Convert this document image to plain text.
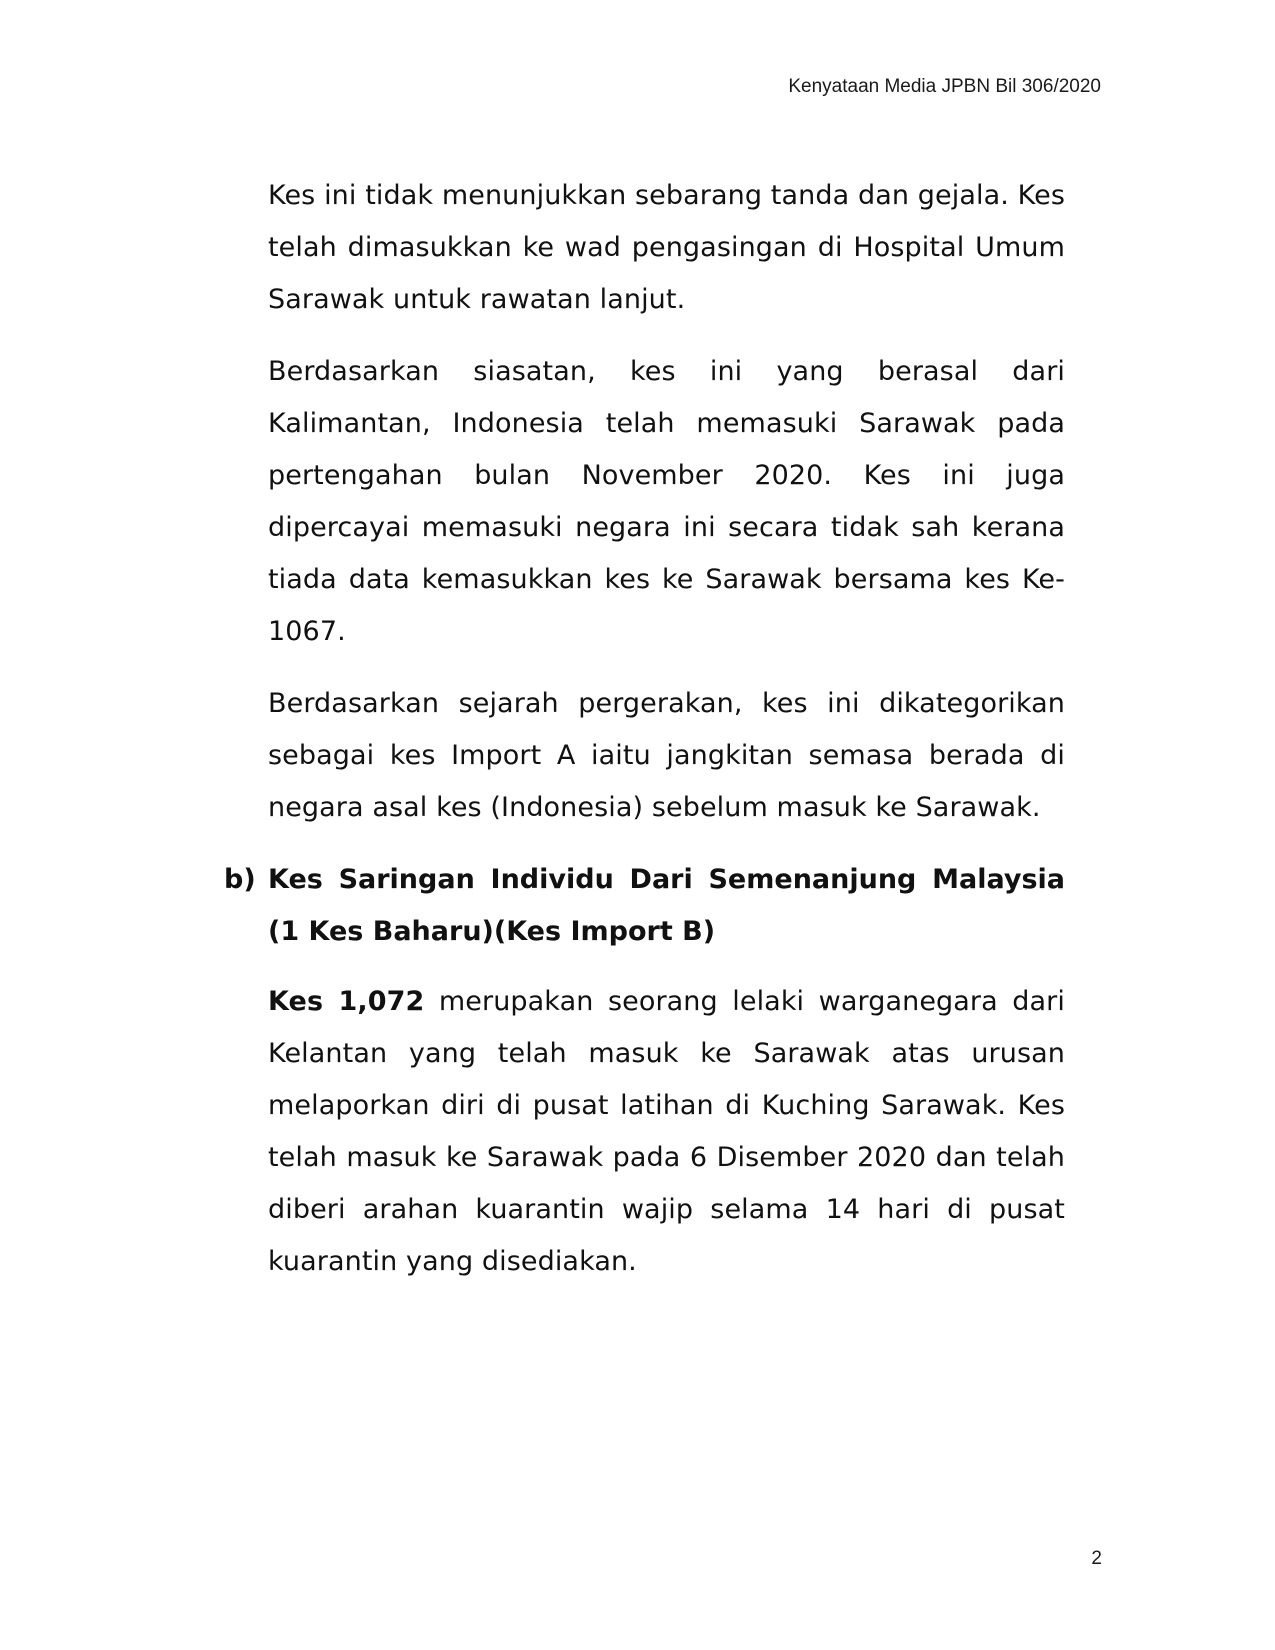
Kenyataan Media JPBN Bil 306/2020

Kes ini tidak menunjukkan sebarang tanda dan gejala. Kes telah dimasukkan ke wad pengasingan di Hospital Umum Sarawak untuk rawatan lanjut.

Berdasarkan siasatan, kes ini yang berasal dari Kalimantan, Indonesia telah memasuki Sarawak pada pertengahan bulan November 2020. Kes ini juga dipercayai memasuki negara ini secara tidak sah kerana tiada data kemasukkan kes ke Sarawak bersama kes Ke-1067.

Berdasarkan sejarah pergerakan, kes ini dikategorikan sebagai kes Import A iaitu jangkitan semasa berada di negara asal kes (Indonesia) sebelum masuk ke Sarawak.

b) Kes Saringan Individu Dari Semenanjung Malaysia (1 Kes Baharu)(Kes Import B)

Kes 1,072 merupakan seorang lelaki warganegara dari Kelantan yang telah masuk ke Sarawak atas urusan melaporkan diri di pusat latihan di Kuching Sarawak. Kes telah masuk ke Sarawak pada 6 Disember 2020 dan telah diberi arahan kuarantin wajip selama 14 hari di pusat kuarantin yang disediakan.

2
